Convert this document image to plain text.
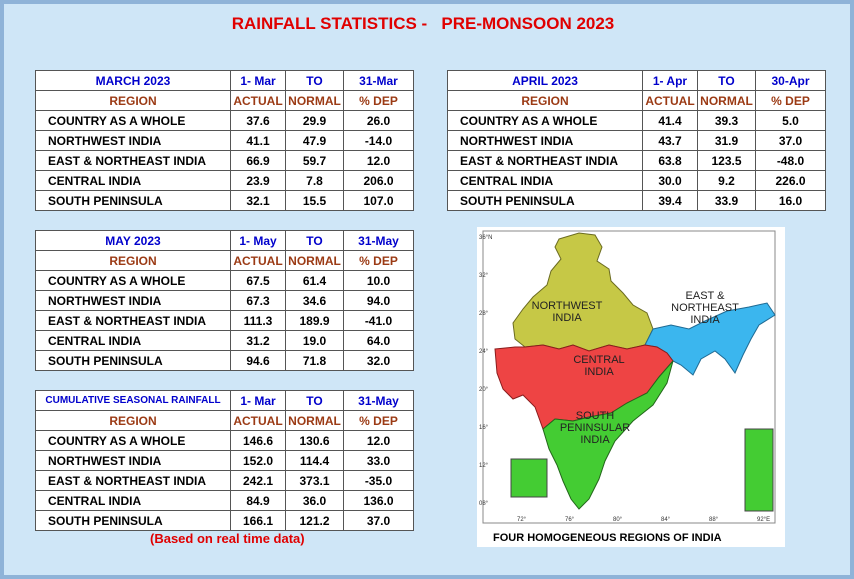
RAINFALL STATISTICS -   PRE-MONSOON 2023
MARCH 2023	1- Mar	TO	31-Mar
REGION	ACTUAL	NORMAL	% DEP
COUNTRY AS A WHOLE	37.6	29.9	26.0
NORTHWEST INDIA	41.1	47.9	-14.0
EAST & NORTHEAST INDIA	66.9	59.7	12.0
CENTRAL INDIA	23.9	7.8	206.0
SOUTH PENINSULA	32.1	15.5	107.0
APRIL 2023	1- Apr	TO	30-Apr
REGION	ACTUAL	NORMAL	% DEP
COUNTRY AS A WHOLE	41.4	39.3	5.0
NORTHWEST INDIA	43.7	31.9	37.0
EAST & NORTHEAST INDIA	63.8	123.5	-48.0
CENTRAL INDIA	30.0	9.2	226.0
SOUTH PENINSULA	39.4	33.9	16.0
MAY 2023	1- May	TO	31-May
REGION	ACTUAL	NORMAL	% DEP
COUNTRY AS A WHOLE	67.5	61.4	10.0
NORTHWEST INDIA	67.3	34.6	94.0
EAST & NORTHEAST INDIA	111.3	189.9	-41.0
CENTRAL INDIA	31.2	19.0	64.0
SOUTH PENINSULA	94.6	71.8	32.0
CUMULATIVE SEASONAL RAINFALL	1- Mar	TO	31-May
REGION	ACTUAL	NORMAL	% DEP
COUNTRY AS A WHOLE	146.6	130.6	12.0
NORTHWEST INDIA	152.0	114.4	33.0
EAST & NORTHEAST INDIA	242.1	373.1	-35.0
CENTRAL INDIA	84.9	36.0	136.0
SOUTH PENINSULA	166.1	121.2	37.0
36°N
32°
28°
24°
20°
16°
12°
08°
72°	76°	80°	84°	88°	92°E
NORTHWEST
INDIA
EAST &
NORTHEAST
INDIA
CENTRAL
INDIA
SOUTH
PENINSULAR
INDIA
FOUR HOMOGENEOUS REGIONS OF INDIA
(Based on real time data)
